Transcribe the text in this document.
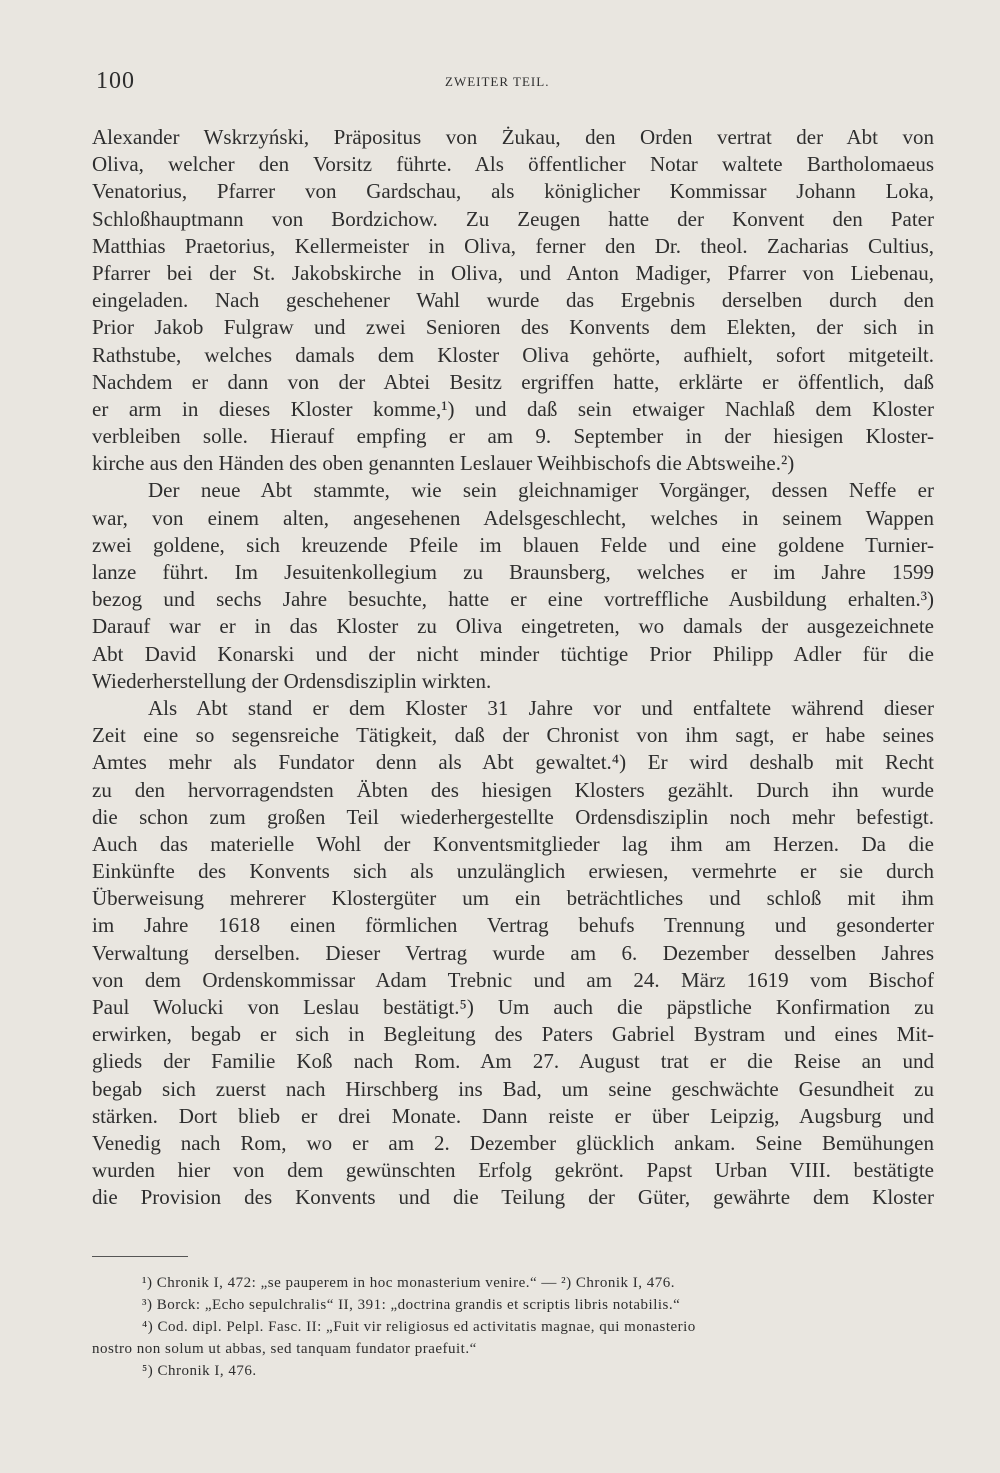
100	ZWEITER TEIL.
Alexander Wskrzyński, Präpositus von Żukau, den Orden vertrat der Abt von
Oliva, welcher den Vorsitz führte. Als öffentlicher Notar waltete Bartholomaeus
Venatorius, Pfarrer von Gardschau, als königlicher Kommissar Johann Loka,
Schloßhauptmann von Bordzichow. Zu Zeugen hatte der Konvent den Pater
Matthias Praetorius, Kellermeister in Oliva, ferner den Dr. theol. Zacharias Cultius,
Pfarrer bei der St. Jakobskirche in Oliva, und Anton Madiger, Pfarrer von Liebenau,
eingeladen. Nach geschehener Wahl wurde das Ergebnis derselben durch den
Prior Jakob Fulgraw und zwei Senioren des Konvents dem Elekten, der sich in
Rathstube, welches damals dem Kloster Oliva gehörte, aufhielt, sofort mitgeteilt.
Nachdem er dann von der Abtei Besitz ergriffen hatte, erklärte er öffentlich, daß
er arm in dieses Kloster komme,¹) und daß sein etwaiger Nachlaß dem Kloster
verbleiben solle. Hierauf empfing er am 9. September in der hiesigen Kloster-
kirche aus den Händen des oben genannten Leslauer Weihbischofs die Abtsweihe.²)
Der neue Abt stammte, wie sein gleichnamiger Vorgänger, dessen Neffe er
war, von einem alten, angesehenen Adelsgeschlecht, welches in seinem Wappen
zwei goldene, sich kreuzende Pfeile im blauen Felde und eine goldene Turnier-
lanze führt. Im Jesuitenkollegium zu Braunsberg, welches er im Jahre 1599
bezog und sechs Jahre besuchte, hatte er eine vortreffliche Ausbildung erhalten.³)
Darauf war er in das Kloster zu Oliva eingetreten, wo damals der ausgezeichnete
Abt David Konarski und der nicht minder tüchtige Prior Philipp Adler für die
Wiederherstellung der Ordensdisziplin wirkten.
Als Abt stand er dem Kloster 31 Jahre vor und entfaltete während dieser
Zeit eine so segensreiche Tätigkeit, daß der Chronist von ihm sagt, er habe seines
Amtes mehr als Fundator denn als Abt gewaltet.⁴) Er wird deshalb mit Recht
zu den hervorragendsten Äbten des hiesigen Klosters gezählt. Durch ihn wurde
die schon zum großen Teil wiederhergestellte Ordensdisziplin noch mehr befestigt.
Auch das materielle Wohl der Konventsmitglieder lag ihm am Herzen. Da die
Einkünfte des Konvents sich als unzulänglich erwiesen, vermehrte er sie durch
Überweisung mehrerer Klostergüter um ein beträchtliches und schloß mit ihm
im Jahre 1618 einen förmlichen Vertrag behufs Trennung und gesonderter
Verwaltung derselben. Dieser Vertrag wurde am 6. Dezember desselben Jahres
von dem Ordenskommissar Adam Trebnic und am 24. März 1619 vom Bischof
Paul Wolucki von Leslau bestätigt.⁵) Um auch die päpstliche Konfirmation zu
erwirken, begab er sich in Begleitung des Paters Gabriel Bystram und eines Mit-
glieds der Familie Koß nach Rom. Am 27. August trat er die Reise an und
begab sich zuerst nach Hirschberg ins Bad, um seine geschwächte Gesundheit zu
stärken. Dort blieb er drei Monate. Dann reiste er über Leipzig, Augsburg und
Venedig nach Rom, wo er am 2. Dezember glücklich ankam. Seine Bemühungen
wurden hier von dem gewünschten Erfolg gekrönt. Papst Urban VIII. bestätigte
die Provision des Konvents und die Teilung der Güter, gewährte dem Kloster
¹) Chronik I, 472: „se pauperem in hoc monasterium venire.“ — ²) Chronik I, 476.
³) Borck: „Echo sepulchralis“ II, 391: „doctrina grandis et scriptis libris notabilis.“
⁴) Cod. dipl. Pelpl. Fasc. II: „Fuit vir religiosus ed activitatis magnae, qui monasterio
nostro non solum ut abbas, sed tanquam fundator praefuit.“
⁵) Chronik I, 476.
